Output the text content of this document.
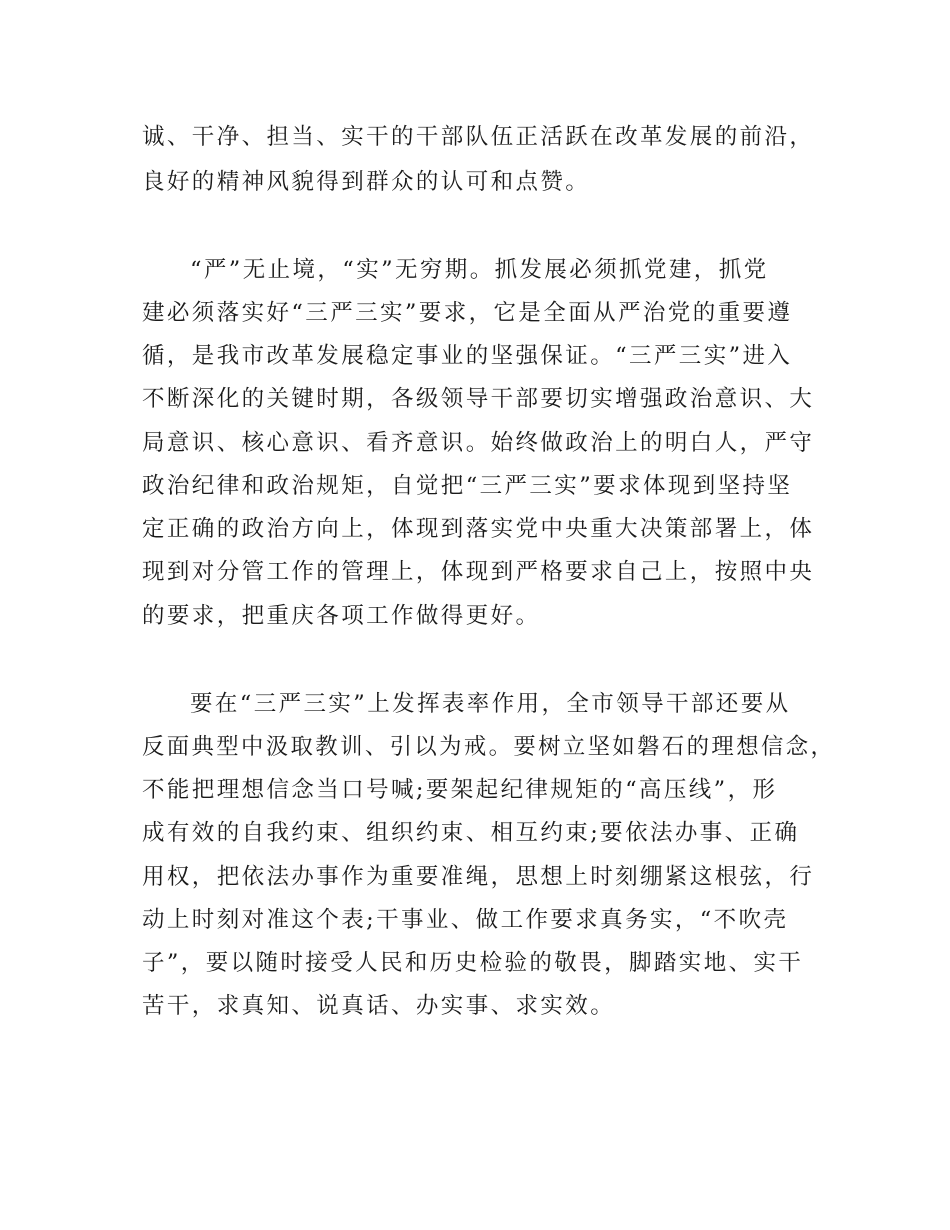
诚、干净、担当、实干的干部队伍正活跃在改革发展的前沿，

良好的精神风貌得到群众的认可和点赞。

“严”无止境，“实”无穷期。抓发展必须抓党建，抓党

建必须落实好“三严三实”要求，它是全面从严治党的重要遵

循，是我市改革发展稳定事业的坚强保证。“三严三实”进入

不断深化的关键时期，各级领导干部要切实增强政治意识、大

局意识、核心意识、看齐意识。始终做政治上的明白人，严守

政治纪律和政治规矩，自觉把“三严三实”要求体现到坚持坚

定正确的政治方向上，体现到落实党中央重大决策部署上，体

现到对分管工作的管理上，体现到严格要求自己上，按照中央

的要求，把重庆各项工作做得更好。

要在“三严三实”上发挥表率作用，全市领导干部还要从

反面典型中汲取教训、引以为戒。要树立坚如磐石的理想信念，

不能把理想信念当口号喊;要架起纪律规矩的“高压线”，形

成有效的自我约束、组织约束、相互约束;要依法办事、正确

用权，把依法办事作为重要准绳，思想上时刻绷紧这根弦，行

动上时刻对准这个表;干事业、做工作要求真务实，“不吹壳

子”，要以随时接受人民和历史检验的敬畏，脚踏实地、实干

苦干，求真知、说真话、办实事、求实效。
